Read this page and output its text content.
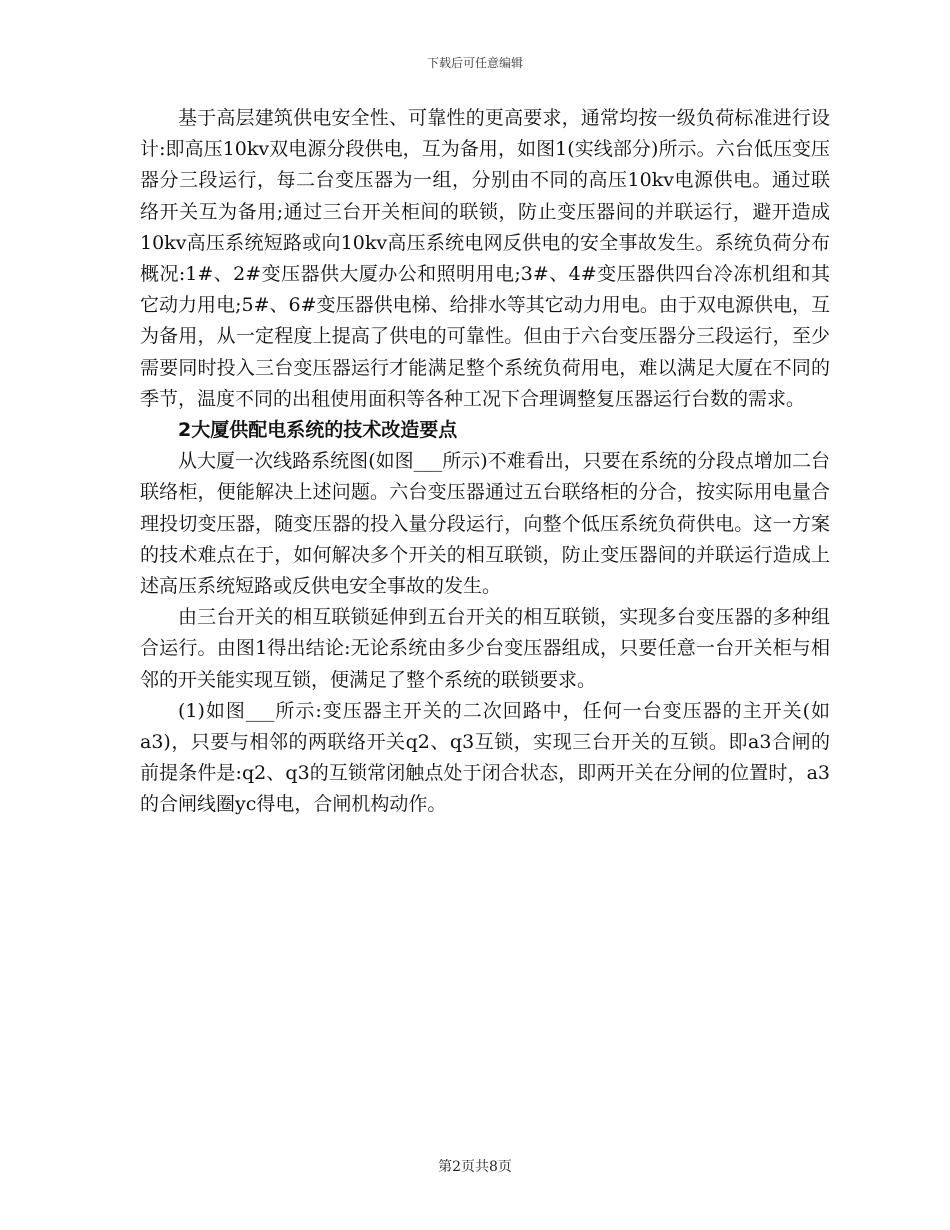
下载后可任意编辑

基于高层建筑供电安全性、可靠性的更高要求，通常均按一级负荷标准进行设计:即高压10kv双电源分段供电，互为备用，如图1(实线部分)所示。六台低压变压器分三段运行，每二台变压器为一组，分别由不同的高压10kv电源供电。通过联络开关互为备用;通过三台开关柜间的联锁，防止变压器间的并联运行，避开造成10kv高压系统短路或向10kv高压系统电网反供电的安全事故发生。系统负荷分布概况:1#、2#变压器供大厦办公和照明用电;3#、4#变压器供四台冷冻机组和其它动力用电;5#、6#变压器供电梯、给排水等其它动力用电。由于双电源供电，互为备用，从一定程度上提高了供电的可靠性。但由于六台变压器分三段运行，至少需要同时投入三台变压器运行才能满足整个系统负荷用电，难以满足大厦在不同的季节，温度不同的出租使用面积等各种工况下合理调整复压器运行台数的需求。

2大厦供配电系统的技术改造要点

从大厦一次线路系统图(如图___所示)不难看出，只要在系统的分段点增加二台联络柜，便能解决上述问题。六台变压器通过五台联络柜的分合，按实际用电量合理投切变压器，随变压器的投入量分段运行，向整个低压系统负荷供电。这一方案的技术难点在于，如何解决多个开关的相互联锁，防止变压器间的并联运行造成上述高压系统短路或反供电安全事故的发生。

由三台开关的相互联锁延伸到五台开关的相互联锁，实现多台变压器的多种组合运行。由图1得出结论:无论系统由多少台变压器组成，只要任意一台开关柜与相邻的开关能实现互锁，便满足了整个系统的联锁要求。

(1)如图___所示:变压器主开关的二次回路中，任何一台变压器的主开关(如a3)，只要与相邻的两联络开关q2、q3互锁，实现三台开关的互锁。即a3合闸的前提条件是:q2、q3的互锁常闭触点处于闭合状态，即两开关在分闸的位置时，a3的合闸线圈yc得电，合闸机构动作。

第2页共8页
